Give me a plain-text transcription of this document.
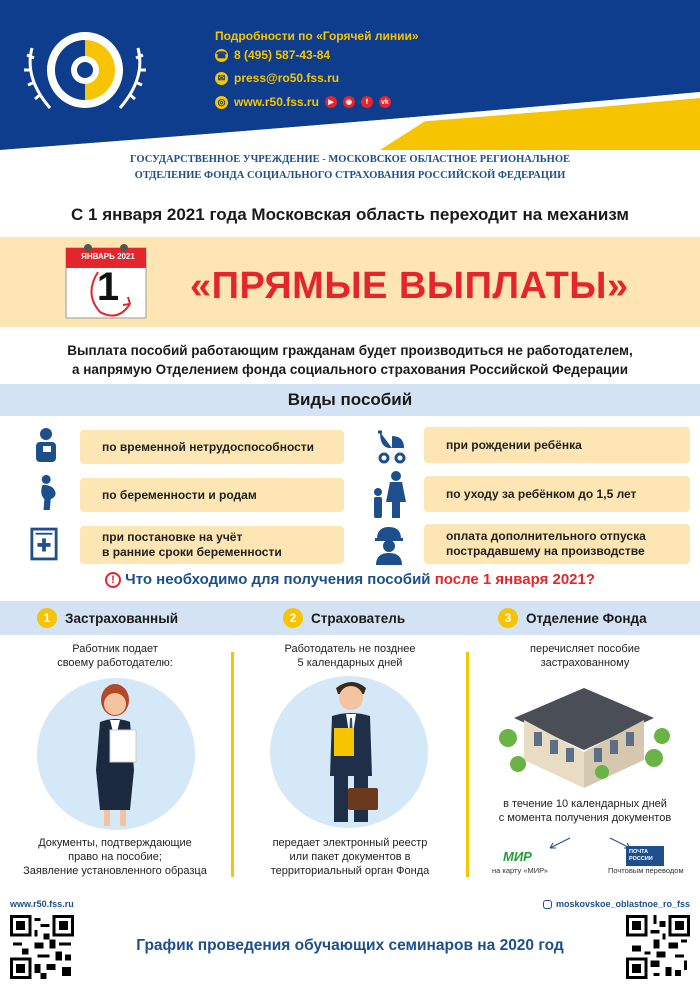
Подробности по «Горячей линии»
☎ 8 (495) 587-43-84
✉ press@ro50.fss.ru
◎ www.r50.fss.ru	▶	◉	f	vk
ГОСУДАРСТВЕННОЕ УЧРЕЖДЕНИЕ - МОСКОВСКОЕ ОБЛАСТНОЕ РЕГИОНАЛЬНОЕ
ОТДЕЛЕНИЕ ФОНДА СОЦИАЛЬНОГО СТРАХОВАНИЯ РОССИЙСКОЙ ФЕДЕРАЦИИ
С 1 января 2021 года Московская область переходит на механизм
ЯНВАРЬ 2021
1	«ПРЯМЫЕ ВЫПЛАТЫ»
Выплата пособий работающим гражданам будет производиться не работодателем,
а напрямую Отделением фонда социального страхования Российской Федерации
Виды пособий
по временной нетрудоспособности
по беременности и родам
при постановке на учёт
в ранние сроки беременности
при рождении ребёнка
по уходу за ребёнком до 1,5 лет
оплата дополнительного отпуска
пострадавшему на производстве
! Что необходимо для получения пособий после 1 января 2021?
1	Застрахованный	2	Страхователь	3	Отделение Фонда
Работник подает
своему работодателю:
Документы, подтверждающие
право на пособие;
Заявление установленного образца
Работодатель не позднее
5 календарных дней
передает электронный реестр
или пакет документов в
территориальный орган Фонда
перечисляет пособие
застрахованному
в течение 10 календарных дней
с момента получения документов
МИР
на карту «МИР»
ПОЧТА
РОССИИ
Почтовым переводом
www.r50.fss.ru	moskovskoe_oblastnoe_ro_fss
График проведения обучающих семинаров на 2020 год
